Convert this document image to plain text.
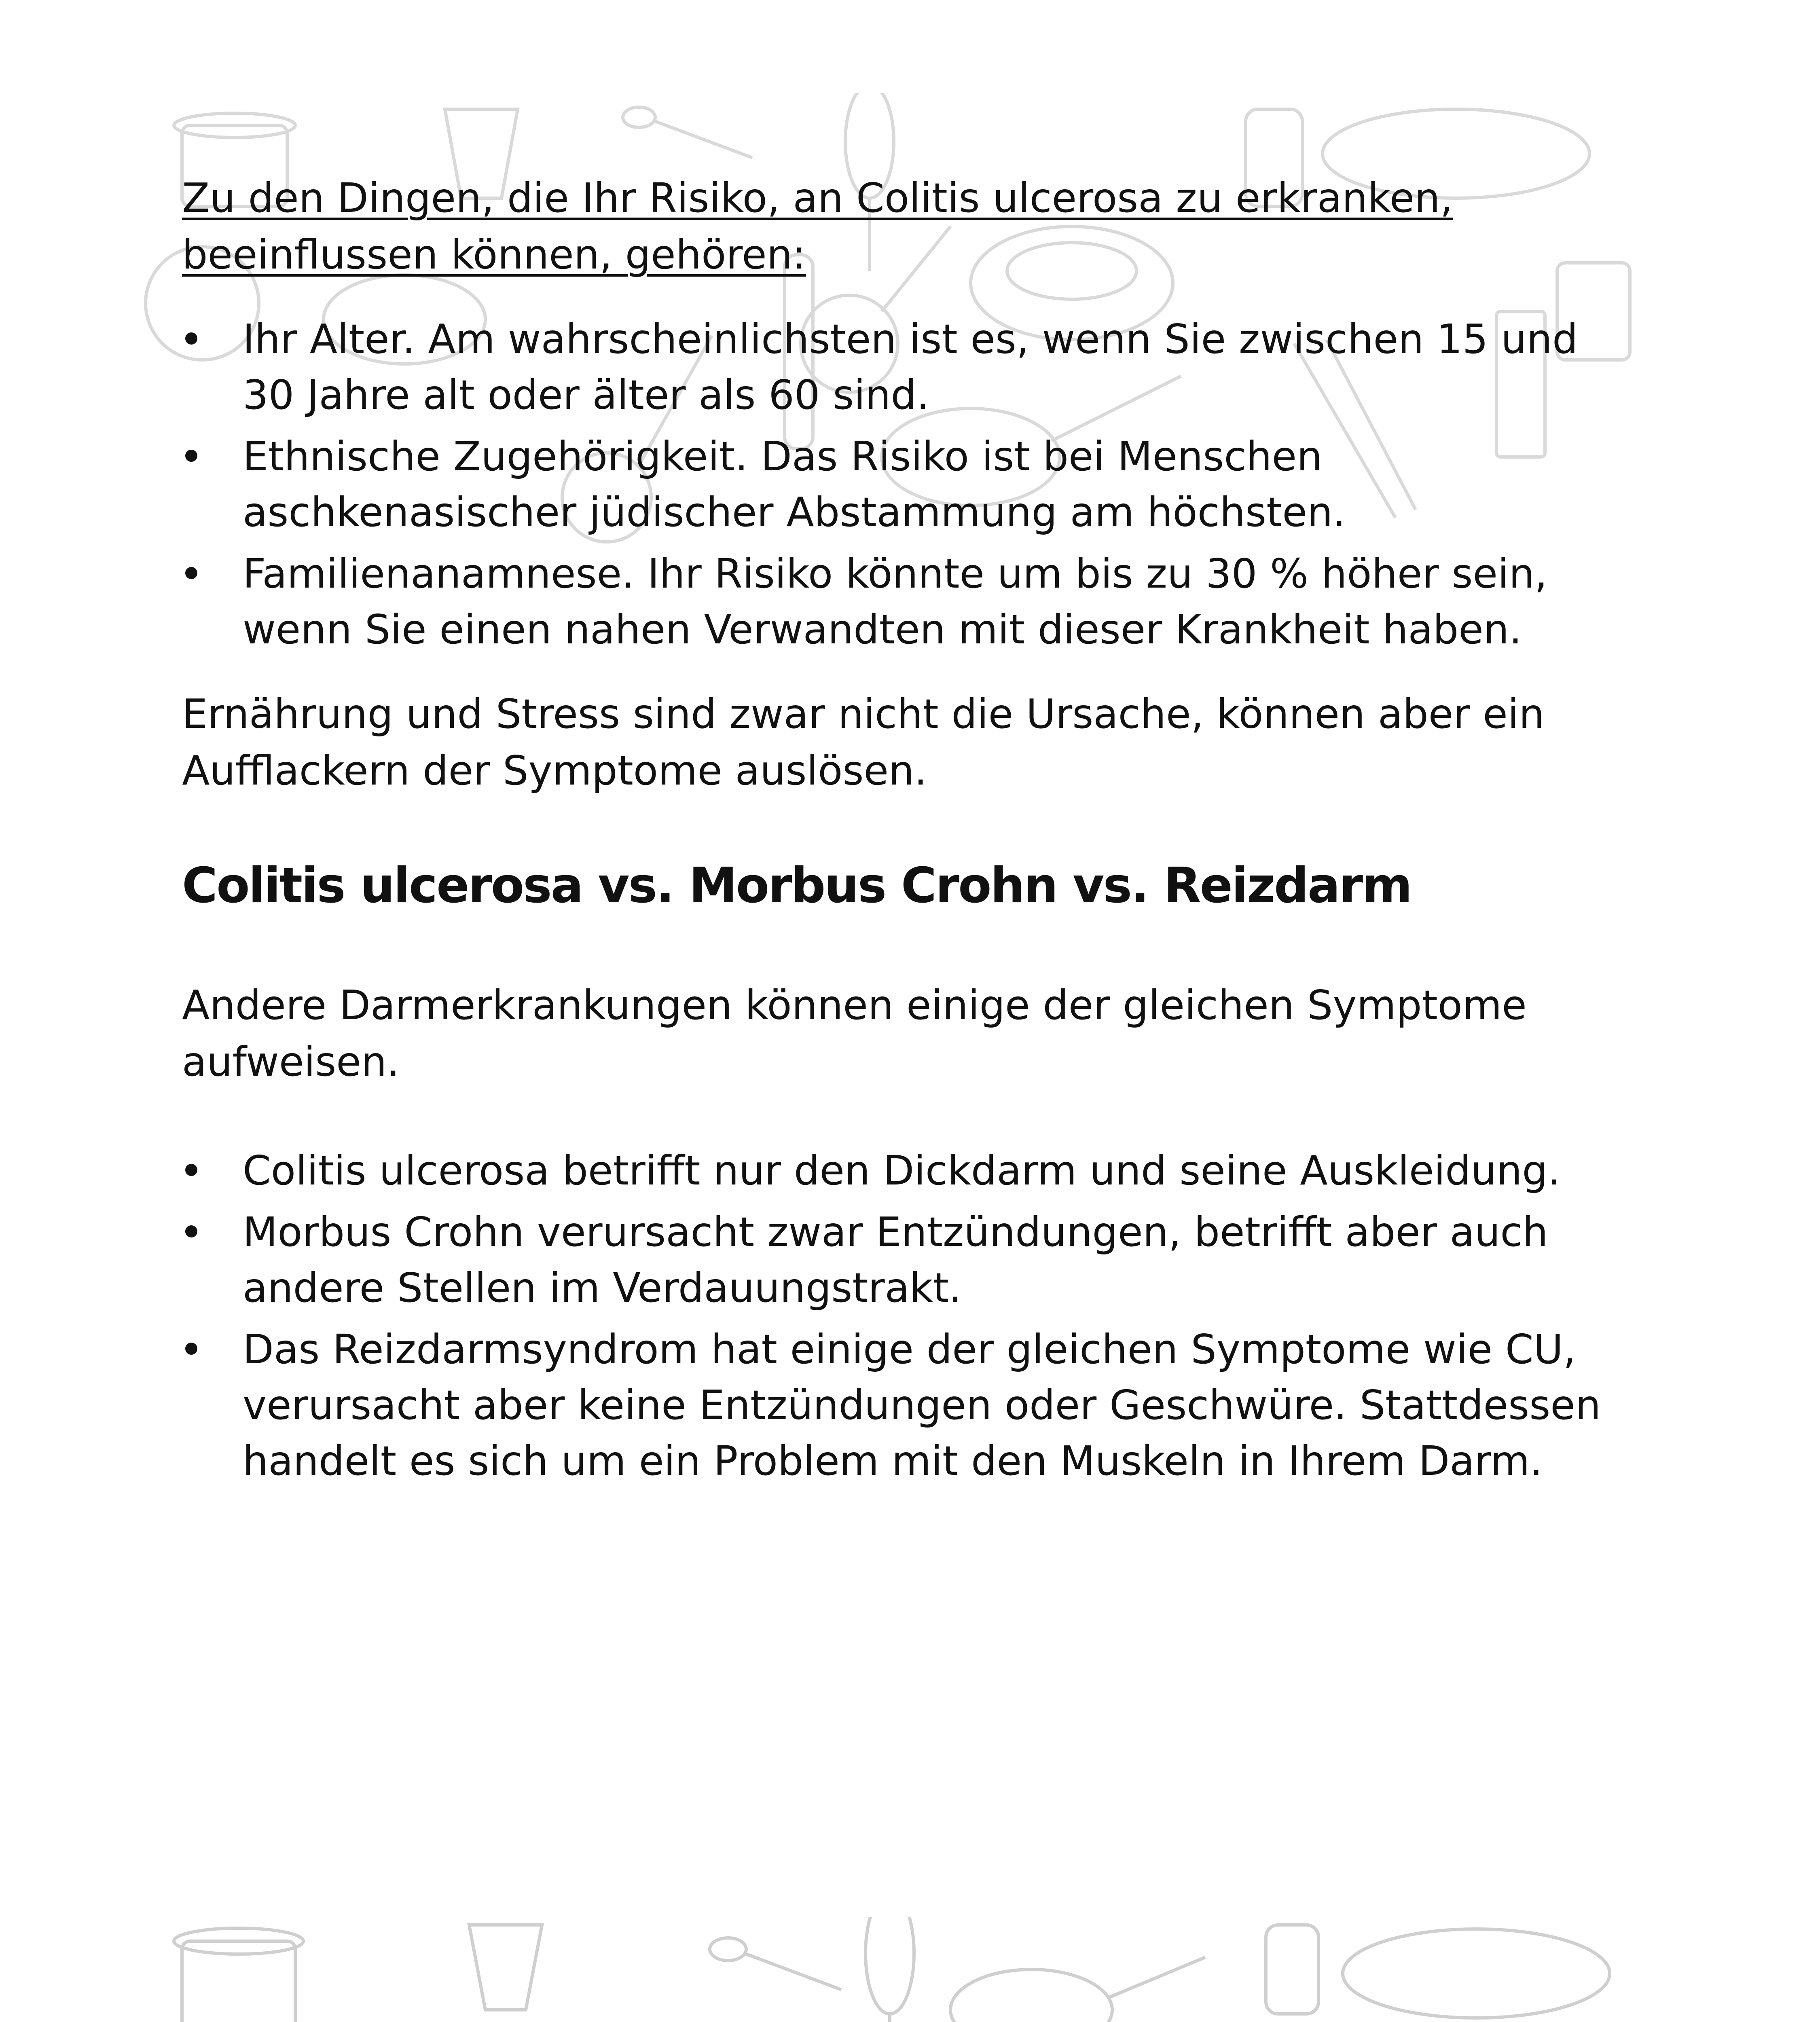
Zu den Dingen, die Ihr Risiko, an Colitis ulcerosa zu erkranken, beeinflussen können, gehören:

Ihr Alter. Am wahrscheinlichsten ist es, wenn Sie zwischen 15 und 30 Jahre alt oder älter als 60 sind.
Ethnische Zugehörigkeit. Das Risiko ist bei Menschen aschkenasischer jüdischer Abstammung am höchsten.
Familienanamnese. Ihr Risiko könnte um bis zu 30 % höher sein, wenn Sie einen nahen Verwandten mit dieser Krankheit haben.

Ernährung und Stress sind zwar nicht die Ursache, können aber ein Aufflackern der Symptome auslösen.

Colitis ulcerosa vs. Morbus Crohn vs. Reizdarm

Andere Darmerkrankungen können einige der gleichen Symptome aufweisen.

Colitis ulcerosa betrifft nur den Dickdarm und seine Auskleidung.
Morbus Crohn verursacht zwar Entzündungen, betrifft aber auch andere Stellen im Verdauungstrakt.
Das Reizdarmsyndrom hat einige der gleichen Symptome wie CU, verursacht aber keine Entzündungen oder Geschwüre. Stattdessen handelt es sich um ein Problem mit den Muskeln in Ihrem Darm.
